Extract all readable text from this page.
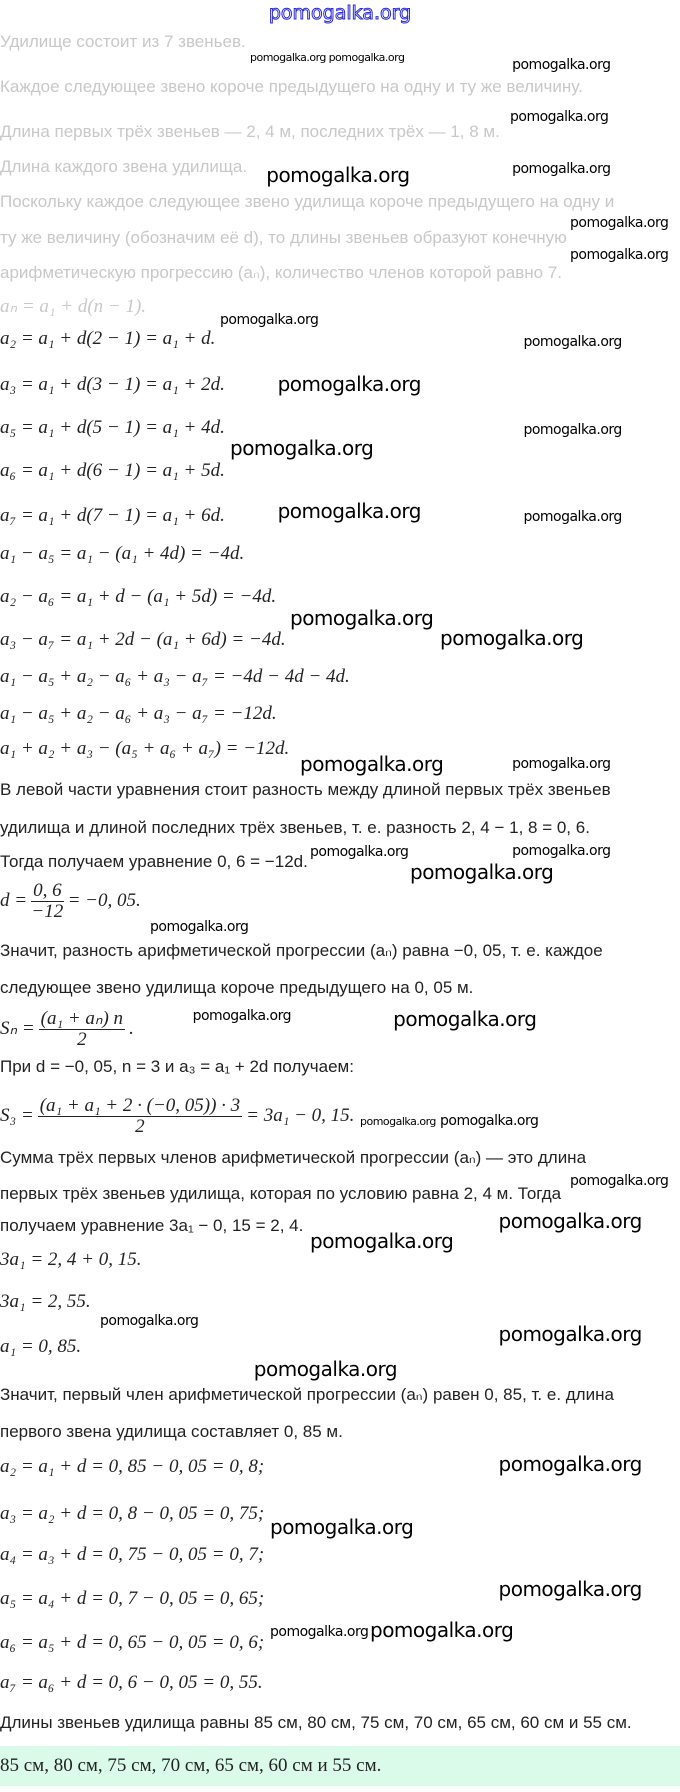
pomogalka.org
Удилище состоит из 7 звеньев.
Каждое следующее звено короче предыдущего на одну и ту же величину.
Длина первых трёх звеньев — 2, 4 м, последних трёх — 1, 8 м.
Длина каждого звена удилища.
Поскольку каждое следующее звено удилища короче предыдущего на одну и
ту же величину (обозначим её d), то длины звеньев образуют конечную
арифметическую прогрессию (aₙ), количество членов которой равно 7.
aₙ = a₁ + d(n − 1).
a₂ = a₁ + d(2 − 1) = a₁ + d.
a₃ = a₁ + d(3 − 1) = a₁ + 2d.
a₅ = a₁ + d(5 − 1) = a₁ + 4d.
a₆ = a₁ + d(6 − 1) = a₁ + 5d.
a₇ = a₁ + d(7 − 1) = a₁ + 6d.
a₁ − a₅ = a₁ − (a₁ + 4d) = −4d.
a₂ − a₆ = a₁ + d − (a₁ + 5d) = −4d.
a₃ − a₇ = a₁ + 2d − (a₁ + 6d) = −4d.
a₁ − a₅ + a₂ − a₆ + a₃ − a₇ = −4d − 4d − 4d.
a₁ − a₅ + a₂ − a₆ + a₃ − a₇ = −12d.
a₁ + a₂ + a₃ − (a₅ + a₆ + a₇) = −12d.
В левой части уравнения стоит разность между длиной первых трёх звеньев
удилища и длиной последних трёх звеньев, т. е. разность 2, 4 − 1, 8 = 0, 6.
Тогда получаем уравнение 0, 6 = −12d.
$d = \frac{0, 6}{-12} = -0$, 05.
Значит, разность арифметической прогрессии (aₙ) равна −0, 05, т. е. каждое
следующее звено удилища короче предыдущего на 0, 05 м.
$S_n = \frac{\text{(a₁ + aₙ) n}}{2}$ .
При d = −0, 05, n = 3 и a₃ = a₁ + 2d получаем:
$S_3 = \frac{\text{(a₁ + a₁ + 2 · (−0, 05)) · 3}}{2} = 3a_1 - 0$, 15.
Сумма трёх первых членов арифметической прогрессии (aₙ) — это длина
первых трёх звеньев удилища, которая по условию равна 2, 4 м. Тогда
получаем уравнение 3a₁ − 0, 15 = 2, 4.
3a₁ = 2, 4 + 0, 15.
3a₁ = 2, 55.
a₁ = 0, 85.
Значит, первый член арифметической прогрессии (aₙ) равен 0, 85, т. е. длина
первого звена удилища составляет 0, 85 м.
a₂ = a₁ + d = 0, 85 − 0, 05 = 0, 8;
a₃ = a₂ + d = 0, 8 − 0, 05 = 0, 75;
a₄ = a₃ + d = 0, 75 − 0, 05 = 0, 7;
a₅ = a₄ + d = 0, 7 − 0, 05 = 0, 65;
a₆ = a₅ + d = 0, 65 − 0, 05 = 0, 6;
a₇ = a₆ + d = 0, 6 − 0, 05 = 0, 55.
Длины звеньев удилища равны 85 см, 80 см, 75 см, 70 см, 65 см, 60 см и 55 см.
pomogalka.org pomogalka.org	pomogalka.org
pomogalka.org
pomogalka.org
pomogalka.org
pomogalka.org
pomogalka.org
pomogalka.org
pomogalka.org
pomogalka.org
pomogalka.org
pomogalka.org	pomogalka.org
pomogalka.org
pomogalka.org
pomogalka.org pomogalka.org
pomogalka.org
pomogalka.org
pomogalka.org
pomogalka.org
pomogalka.org
pomogalka.org
pomogalka.org
pomogalka.org
pomogalka.org
pomogalka.org
pomogalka.org
pomogalka.org
pomogalka.org
pomogalka.org
pomogalka.org
pomogalka.org
pomogalka.org
pomogalka.org
pomogalka.org
pomogalka.org
85 см, 80 см, 75 см, 70 см, 65 см, 60 см и 55 см.
